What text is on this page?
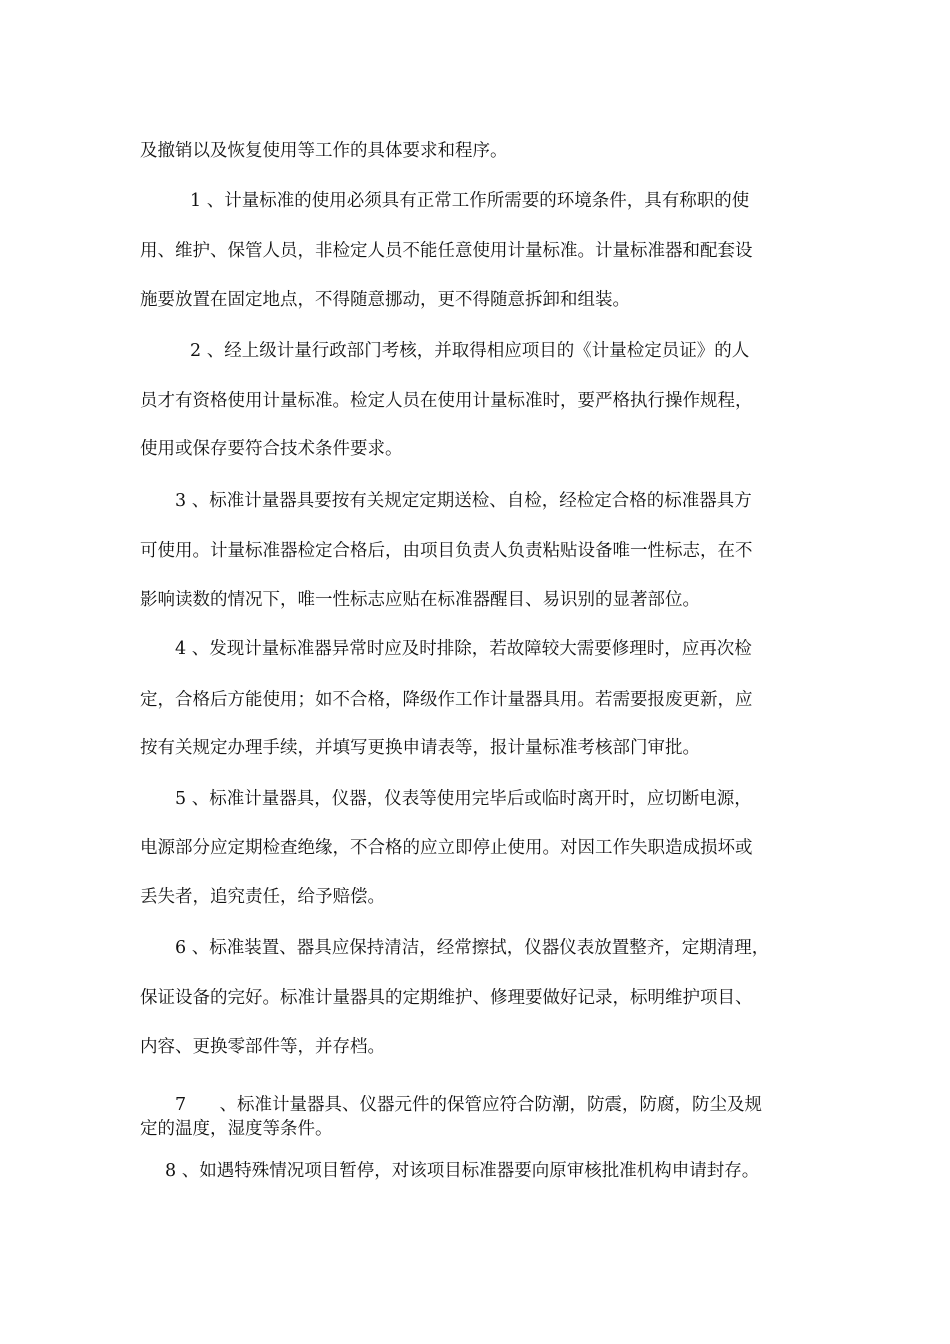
及撤销以及恢复使用等工作的具体要求和程序。
1 、计量标准的使用必须具有正常工作所需要的环境条件，具有称职的使
用、维护、保管人员，非检定人员不能任意使用计量标准。计量标准器和配套设
施要放置在固定地点，不得随意挪动，更不得随意拆卸和组装。
2 、经上级计量行政部门考核，并取得相应项目的《计量检定员证》的人
员才有资格使用计量标准。检定人员在使用计量标准时，要严格执行操作规程，
使用或保存要符合技术条件要求。
3 、标准计量器具要按有关规定定期送检、自检，经检定合格的标准器具方
可使用。计量标准器检定合格后，由项目负责人负责粘贴设备唯一性标志，在不
影响读数的情况下，唯一性标志应贴在标准器醒目、易识别的显著部位。
4 、发现计量标准器异常时应及时排除，若故障较大需要修理时，应再次检
定，合格后方能使用；如不合格，降级作工作计量器具用。若需要报废更新，应
按有关规定办理手续，并填写更换申请表等，报计量标准考核部门审批。
5 、标准计量器具，仪器，仪表等使用完毕后或临时离开时，应切断电源，
电源部分应定期检查绝缘，不合格的应立即停止使用。对因工作失职造成损坏或
丢失者，追究责任，给予赔偿。
6 、标准装置、器具应保持清洁，经常擦拭，仪器仪表放置整齐，定期清理，
保证设备的完好。标准计量器具的定期维护、修理要做好记录，标明维护项目、
内容、更换零部件等，并存档。
7      、标准计量器具、仪器元件的保管应符合防潮，防震，防腐，防尘及规
定的温度，湿度等条件。
8 、如遇特殊情况项目暂停，对该项目标准器要向原审核批准机构申请封存。
